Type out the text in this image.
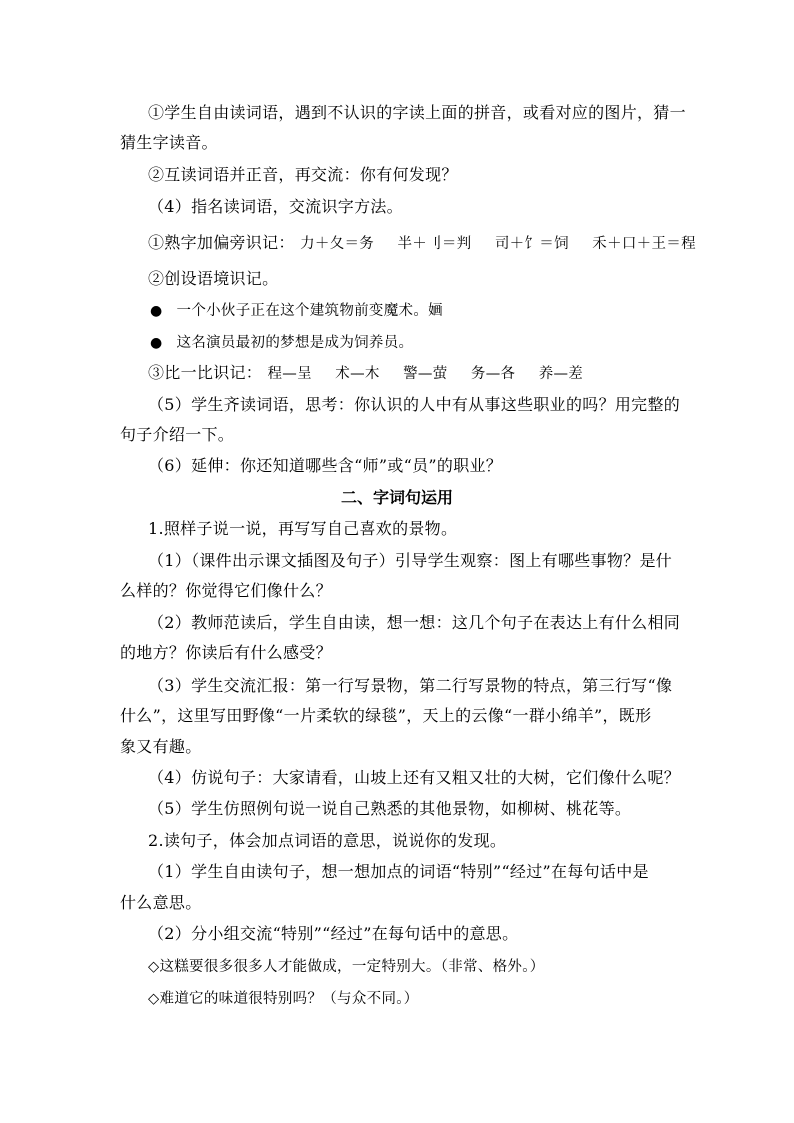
①学生自由读词语，遇到不认识的字读上面的拼音，或看对应的图片，猜一
猜生字读音。
②互读词语并正音，再交流：你有何发现？
（4）指名读词语，交流识字方法。
①熟字加偏旁识记： 力＋夂＝务 半＋刂＝判 司＋饣＝饲 禾＋口＋王＝程
②创设语境识记。
● 一个小伙子正在这个建筑物前变魔术。婳
● 这名演员最初的梦想是成为饲养员。
③比一比识记： 程—呈 术—木 警—萤 务—各 养—差
（5）学生齐读词语，思考：你认识的人中有从事这些职业的吗？用完整的
句子介绍一下。
（6）延伸：你还知道哪些含“师”或“员”的职业？
二、字词句运用
1.照样子说一说，再写写自己喜欢的景物。
（1）（课件出示课文插图及句子）引导学生观察：图上有哪些事物？是什
么样的？你觉得它们像什么？
（2）教师范读后，学生自由读，想一想：这几个句子在表达上有什么相同
的地方？你读后有什么感受？
（3）学生交流汇报：第一行写景物，第二行写景物的特点，第三行写“像
什么”，这里写田野像“一片柔软的绿毯”，天上的云像“一群小绵羊”，既形
象又有趣。
（4）仿说句子：大家请看，山坡上还有又粗又壮的大树，它们像什么呢？
（5）学生仿照例句说一说自己熟悉的其他景物，如柳树、桃花等。
2.读句子，体会加点词语的意思，说说你的发现。
（1）学生自由读句子，想一想加点的词语“特别”“经过”在每句话中是
什么意思。
（2）分小组交流“特别”“经过”在每句话中的意思。
◇这糕要很多很多人才能做成，一定特别大。（非常、格外。）
◇难道它的味道很特别吗？（与众不同。）
